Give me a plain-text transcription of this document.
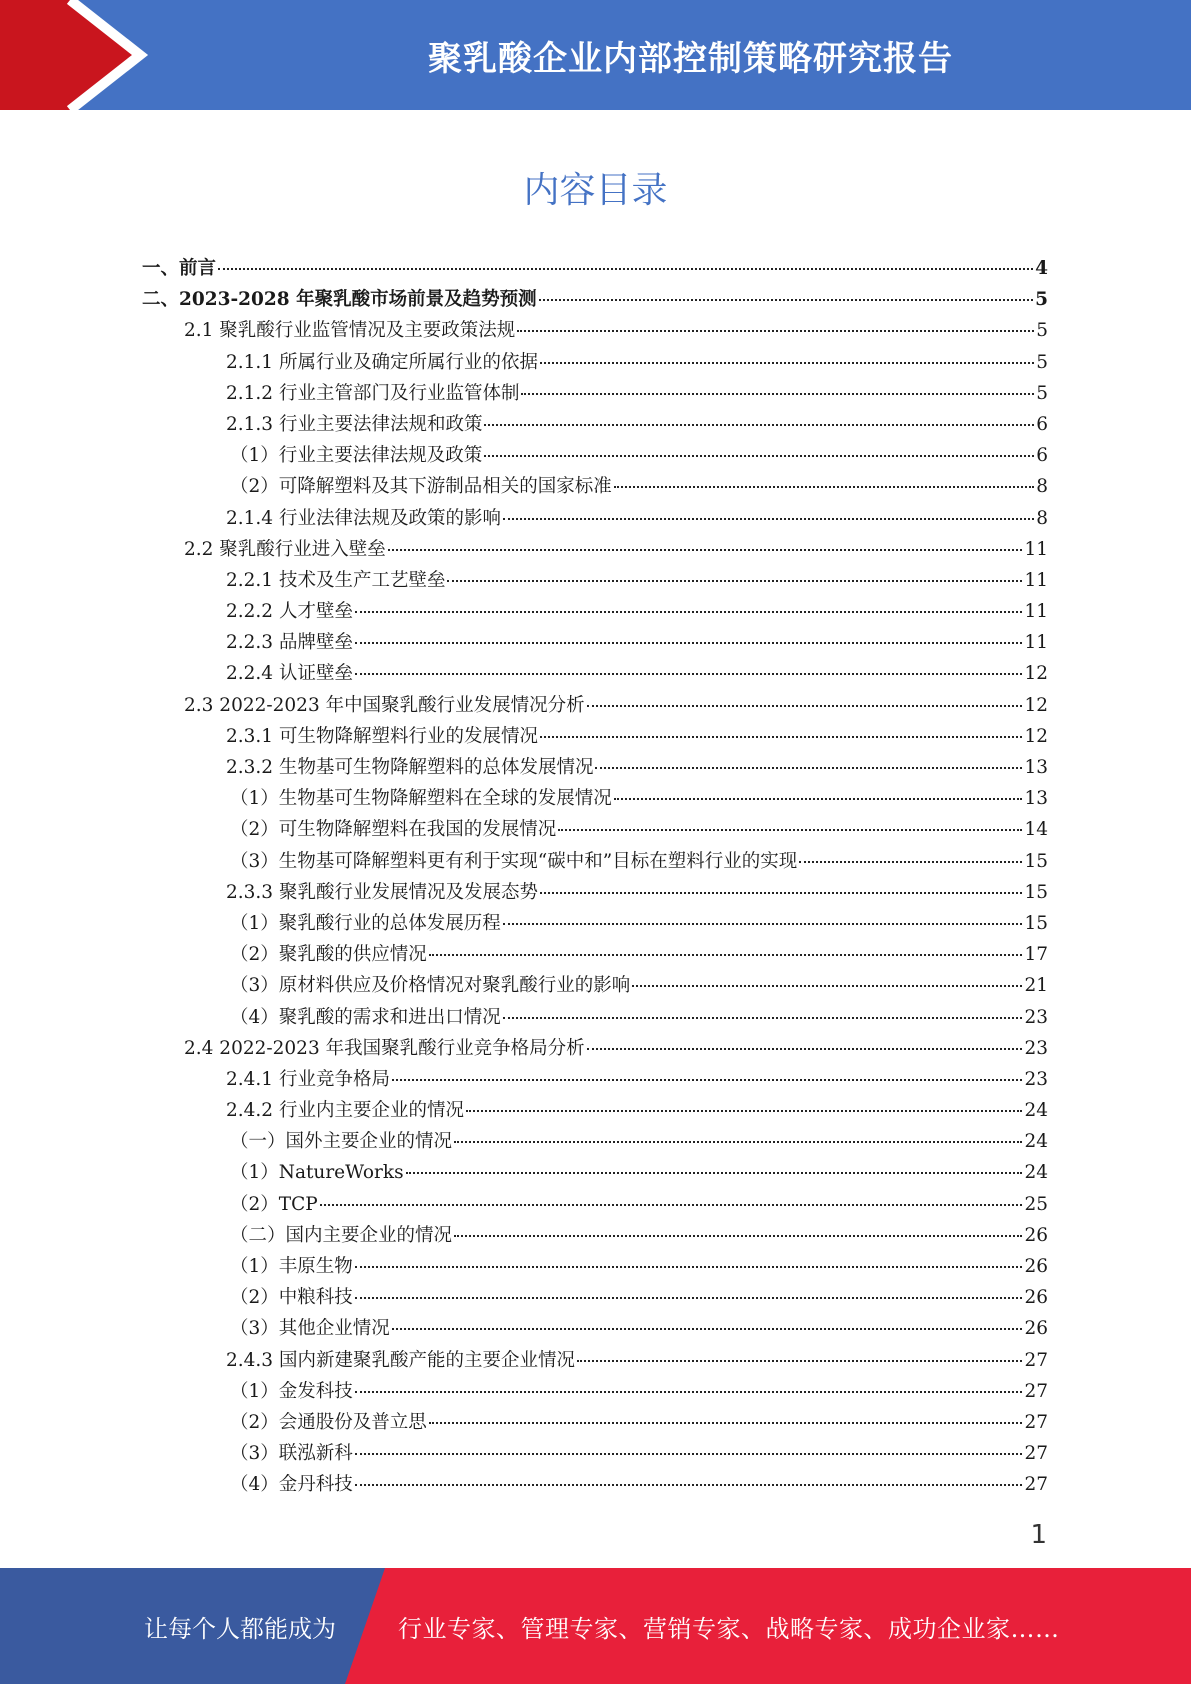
聚乳酸企业内部控制策略研究报告
内容目录
一、前言	4
二、2023-2028 年聚乳酸市场前景及趋势预测	5
2.1 聚乳酸行业监管情况及主要政策法规	5
2.1.1 所属行业及确定所属行业的依据	5
2.1.2 行业主管部门及行业监管体制	5
2.1.3 行业主要法律法规和政策	6
（1）行业主要法律法规及政策	6
（2）可降解塑料及其下游制品相关的国家标准	8
2.1.4 行业法律法规及政策的影响	8
2.2 聚乳酸行业进入壁垒	11
2.2.1 技术及生产工艺壁垒	11
2.2.2 人才壁垒	11
2.2.3 品牌壁垒	11
2.2.4 认证壁垒	12
2.3 2022-2023 年中国聚乳酸行业发展情况分析	12
2.3.1 可生物降解塑料行业的发展情况	12
2.3.2 生物基可生物降解塑料的总体发展情况	13
（1）生物基可生物降解塑料在全球的发展情况	13
（2）可生物降解塑料在我国的发展情况	14
（3）生物基可降解塑料更有利于实现“碳中和”目标在塑料行业的实现	15
2.3.3 聚乳酸行业发展情况及发展态势	15
（1）聚乳酸行业的总体发展历程	15
（2）聚乳酸的供应情况	17
（3）原材料供应及价格情况对聚乳酸行业的影响	21
（4）聚乳酸的需求和进出口情况	23
2.4 2022-2023 年我国聚乳酸行业竞争格局分析	23
2.4.1 行业竞争格局	23
2.4.2 行业内主要企业的情况	24
（一）国外主要企业的情况	24
（1）NatureWorks	24
（2）TCP	25
（二）国内主要企业的情况	26
（1）丰原生物	26
（2）中粮科技	26
（3）其他企业情况	26
2.4.3 国内新建聚乳酸产能的主要企业情况	27
（1）金发科技	27
（2）会通股份及普立思	27
（3）联泓新科	27
（4）金丹科技	27
1
让每个人都能成为	行业专家、管理专家、营销专家、战略专家、成功企业家……
